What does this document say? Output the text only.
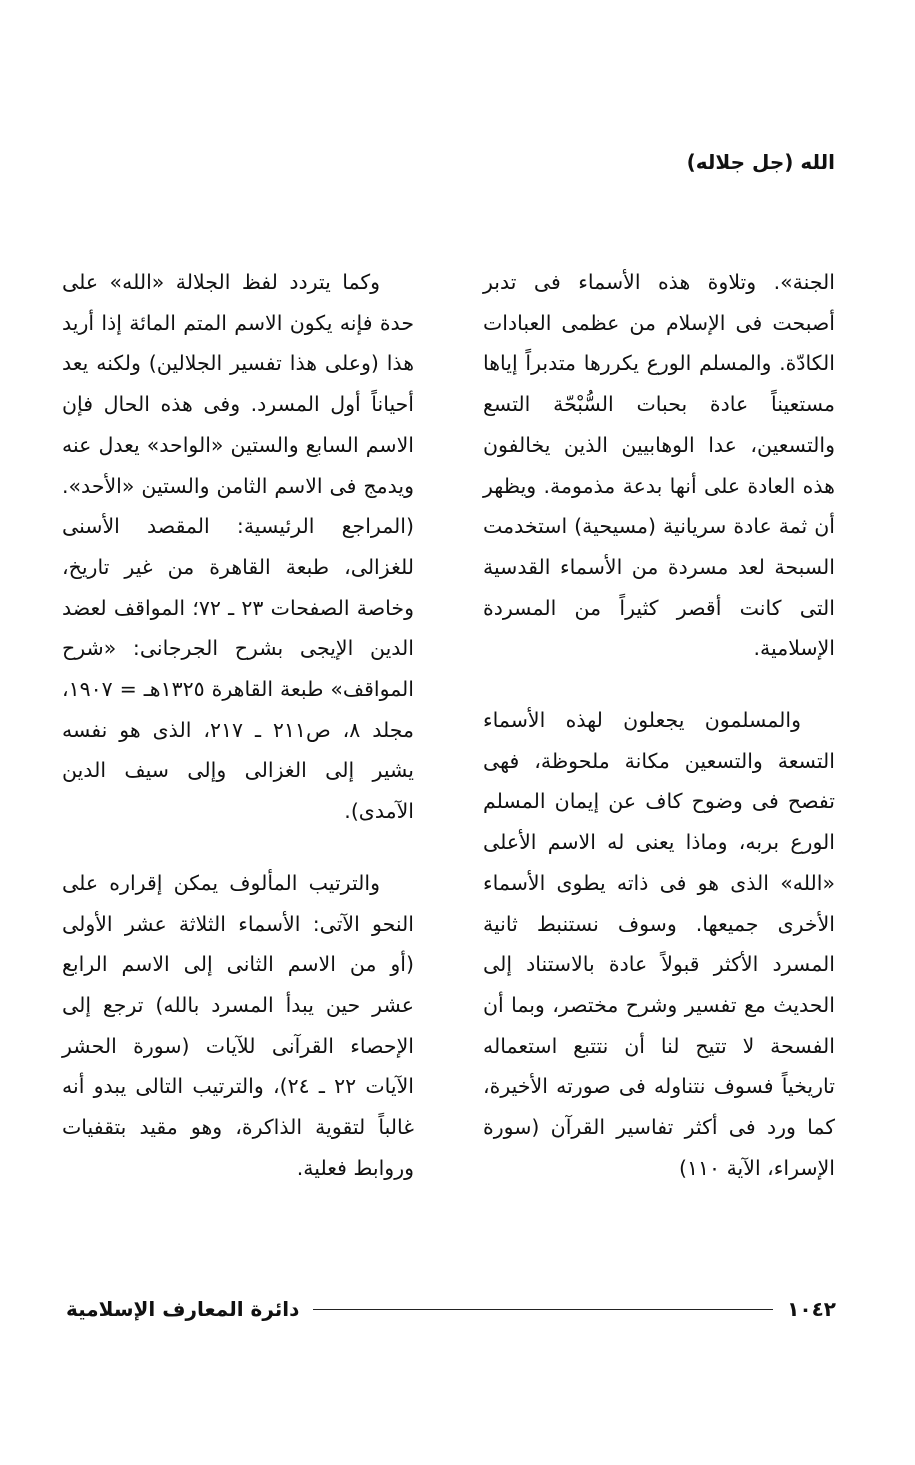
الله (جل جلاله)

الجنة». وتلاوة هذه الأسماء فى تدبر أصبحت فى الإسلام من عظمى العبادات الكادّة. والمسلم الورع يكررها متدبراً إياها مستعيناً عادة بحبات السُّبْحّة التسع والتسعين، عدا الوهابيين الذين يخالفون هذه العادة على أنها بدعة مذمومة. ويظهر أن ثمة عادة سريانية (مسيحية) استخدمت السبحة لعد مسردة من الأسماء القدسية التى كانت أقصر كثيراً من المسردة الإسلامية.

والمسلمون يجعلون لهذه الأسماء التسعة والتسعين مكانة ملحوظة، فهى تفصح فى وضوح كاف عن إيمان المسلم الورع بربه، وماذا يعنى له الاسم الأعلى «الله» الذى هو فى ذاته يطوى الأسماء الأخرى جميعها. وسوف نستنبط ثانية المسرد الأكثر قبولاً عادة بالاستناد إلى الحديث مع تفسير وشرح مختصر، وبما أن الفسحة لا تتيح لنا أن نتتبع استعماله تاريخياً فسوف نتناوله فى صورته الأخيرة، كما ورد فى أكثر تفاسير القرآن (سورة الإسراء، الآية ١١٠)

وكما يتردد لفظ الجلالة «الله» على حدة فإنه يكون الاسم المتم المائة إذا أريد هذا (وعلى هذا تفسير الجلالين) ولكنه يعد أحياناً أول المسرد. وفى هذه الحال فإن الاسم السابع والستين «الواحد» يعدل عنه ويدمج فى الاسم الثامن والستين «الأحد». (المراجع الرئيسية: المقصد الأسنى للغزالى، طبعة القاهرة من غير تاريخ، وخاصة الصفحات ٢٣ ـ ٧٢؛ المواقف لعضد الدين الإيجى بشرح الجرجانى: «شرح المواقف» طبعة القاهرة ١٣٢٥هـ = ١٩٠٧، مجلد ٨، ص٢١١ ـ ٢١٧، الذى هو نفسه يشير إلى الغزالى وإلى سيف الدين الآمدى).

والترتيب المألوف يمكن إقراره على النحو الآتى: الأسماء الثلاثة عشر الأولى (أو من الاسم الثانى إلى الاسم الرابع عشر حين يبدأ المسرد بالله) ترجع إلى الإحصاء القرآنى للآيات (سورة الحشر الآيات ٢٢ ـ ٢٤)، والترتيب التالى يبدو أنه غالباً لتقوية الذاكرة، وهو مقيد بتقفيات وروابط فعلية.

١٠٤٢
دائرة المعارف الإسلامية
